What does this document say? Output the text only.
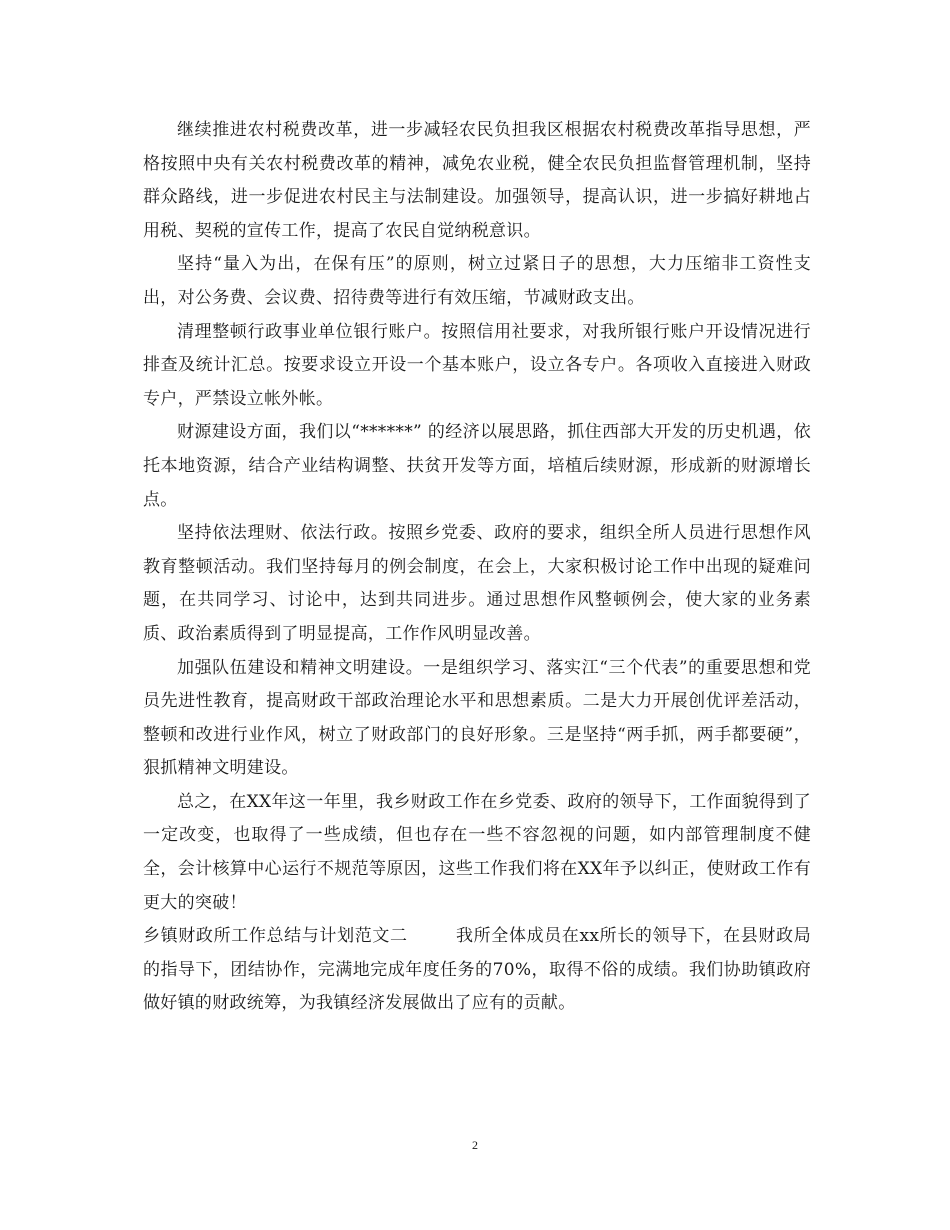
继续推进农村税费改革，进一步减轻农民负担我区根据农村税费改革指导思想，严格按照中央有关农村税费改革的精神，减免农业税，健全农民负担监督管理机制，坚持群众路线，进一步促进农村民主与法制建设。加强领导，提高认识，进一步搞好耕地占用税、契税的宣传工作，提高了农民自觉纳税意识。

坚持“量入为出，在保有压”的原则，树立过紧日子的思想，大力压缩非工资性支出，对公务费、会议费、招待费等进行有效压缩，节减财政支出。

清理整顿行政事业单位银行账户。按照信用社要求，对我所银行账户开设情况进行排查及统计汇总。按要求设立开设一个基本账户，设立各专户。各项收入直接进入财政专户，严禁设立帐外帐。

财源建设方面，我们以“******” 的经济以展思路，抓住西部大开发的历史机遇，依托本地资源，结合产业结构调整、扶贫开发等方面，培植后续财源，形成新的财源增长点。

坚持依法理财、依法行政。按照乡党委、政府的要求，组织全所人员进行思想作风教育整顿活动。我们坚持每月的例会制度，在会上，大家积极讨论工作中出现的疑难问题，在共同学习、讨论中，达到共同进步。通过思想作风整顿例会，使大家的业务素质、政治素质得到了明显提高，工作作风明显改善。

加强队伍建设和精神文明建设。一是组织学习、落实江“三个代表”的重要思想和党员先进性教育，提高财政干部政治理论水平和思想素质。二是大力开展创优评差活动，整顿和改进行业作风，树立了财政部门的良好形象。三是坚持“两手抓，两手都要硬”，狠抓精神文明建设。

总之，在XX年这一年里，我乡财政工作在乡党委、政府的领导下，工作面貌得到了一定改变，也取得了一些成绩，但也存在一些不容忽视的问题，如内部管理制度不健全，会计核算中心运行不规范等原因，这些工作我们将在XX年予以纠正，使财政工作有更大的突破！

乡镇财政所工作总结与计划范文二	我所全体成员在xx所长的领导下，在县财政局的指导下，团结协作，完满地完成年度任务的70%，取得不俗的成绩。我们协助镇政府做好镇的财政统筹，为我镇经济发展做出了应有的贡献。

2
